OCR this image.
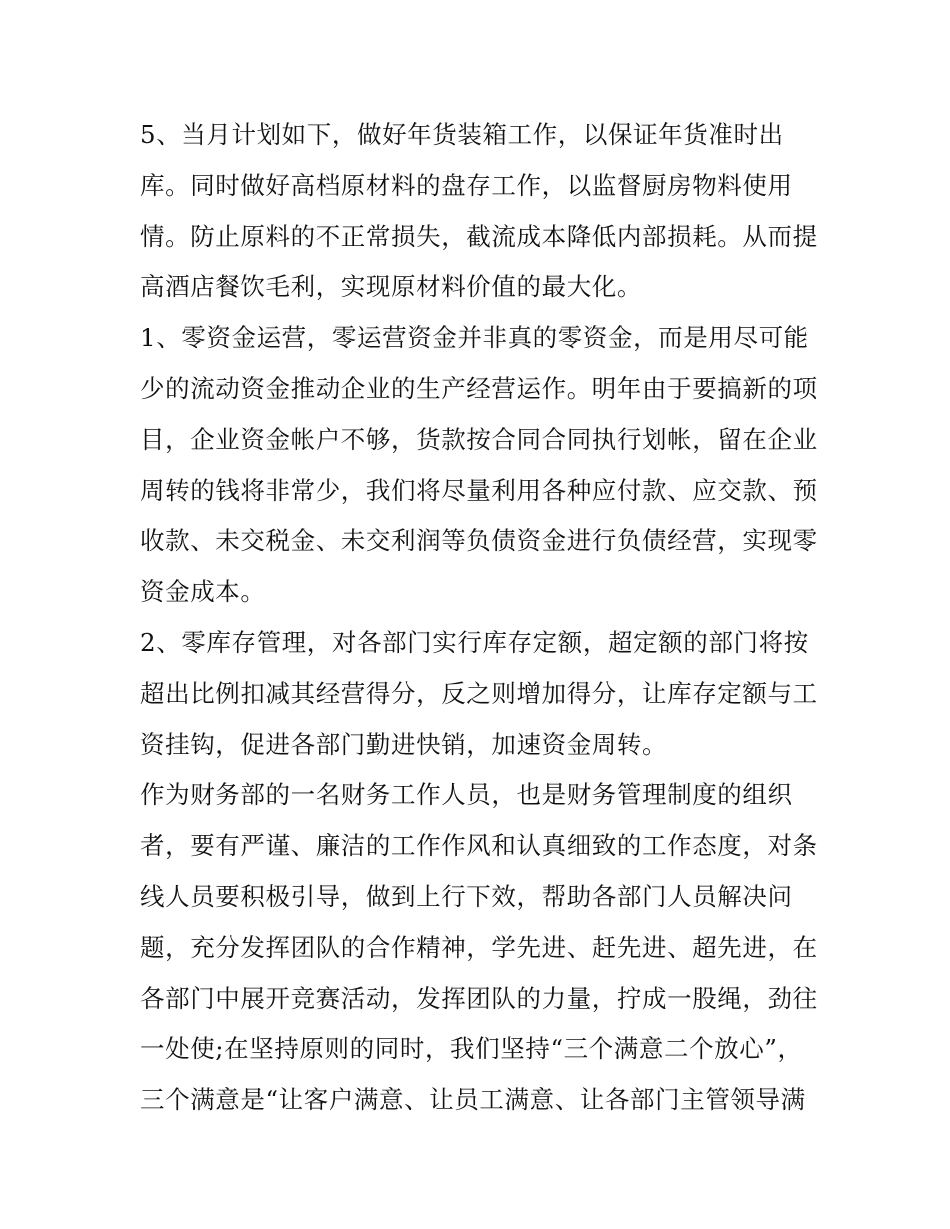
5、当月计划如下，做好年货装箱工作，以保证年货准时出
库。同时做好高档原材料的盘存工作，以监督厨房物料使用
情。防止原料的不正常损失，截流成本降低内部损耗。从而提
高酒店餐饮毛利，实现原材料价值的最大化。
1、零资金运营，零运营资金并非真的零资金，而是用尽可能
少的流动资金推动企业的生产经营运作。明年由于要搞新的项
目，企业资金帐户不够，货款按合同合同执行划帐，留在企业
周转的钱将非常少，我们将尽量利用各种应付款、应交款、预
收款、未交税金、未交利润等负债资金进行负债经营，实现零
资金成本。
2、零库存管理，对各部门实行库存定额，超定额的部门将按
超出比例扣减其经营得分，反之则增加得分，让库存定额与工
资挂钩，促进各部门勤进快销，加速资金周转。
作为财务部的一名财务工作人员，也是财务管理制度的组织
者，要有严谨、廉洁的工作作风和认真细致的工作态度，对条
线人员要积极引导，做到上行下效，帮助各部门人员解决问
题，充分发挥团队的合作精神，学先进、赶先进、超先进，在
各部门中展开竞赛活动，发挥团队的力量，拧成一股绳，劲往
一处使;在坚持原则的同时，我们坚持“三个满意二个放心”，
三个满意是“让客户满意、让员工满意、让各部门主管领导满
